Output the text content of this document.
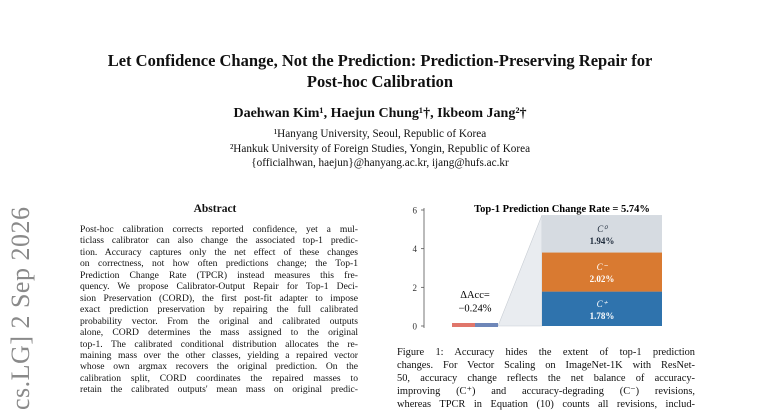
cs.LG] 2 Sep 2026
Let Confidence Change, Not the Prediction: Prediction-Preserving Repair for
Post-hoc Calibration
Daehwan Kim¹, Haejun Chung¹†, Ikbeom Jang²†
¹Hanyang University, Seoul, Republic of Korea
²Hankuk University of Foreign Studies, Yongin, Republic of Korea
{officialhwan, haejun}@hanyang.ac.kr, ijang@hufs.ac.kr
Abstract
Post-hoc calibration corrects reported confidence, yet a mul-
ticlass calibrator can also change the associated top-1 predic-
tion. Accuracy captures only the net effect of these changes
on correctness, not how often predictions change; the Top-1
Prediction Change Rate (TPCR) instead measures this fre-
quency. We propose Calibrator-Output Repair for Top-1 Deci-
sion Preservation (CORD), the first post-fit adapter to impose
exact prediction preservation by repairing the full calibrated
probability vector. From the original and calibrated outputs
alone, CORD determines the mass assigned to the original
top-1. The calibrated conditional distribution allocates the re-
maining mass over the other classes, yielding a repaired vector
whose own argmax recovers the original prediction. On the
calibration split, CORD coordinates the repaired masses to
retain the calibrated outputs' mean mass on original predic-
0
2
4
6
ΔAcc=
−0.24%	C⁺
1.78%
C⁻
2.02%
C⁰
1.94%
Top-1 Prediction Change Rate = 5.74%
Figure 1: Accuracy hides the extent of top-1 prediction
changes. For Vector Scaling on ImageNet-1K with ResNet-
50, accuracy change reflects the net balance of accuracy-
improving (C⁺) and accuracy-degrading (C⁻) revisions,
whereas TPCR in Equation (10) counts all revisions, includ-
